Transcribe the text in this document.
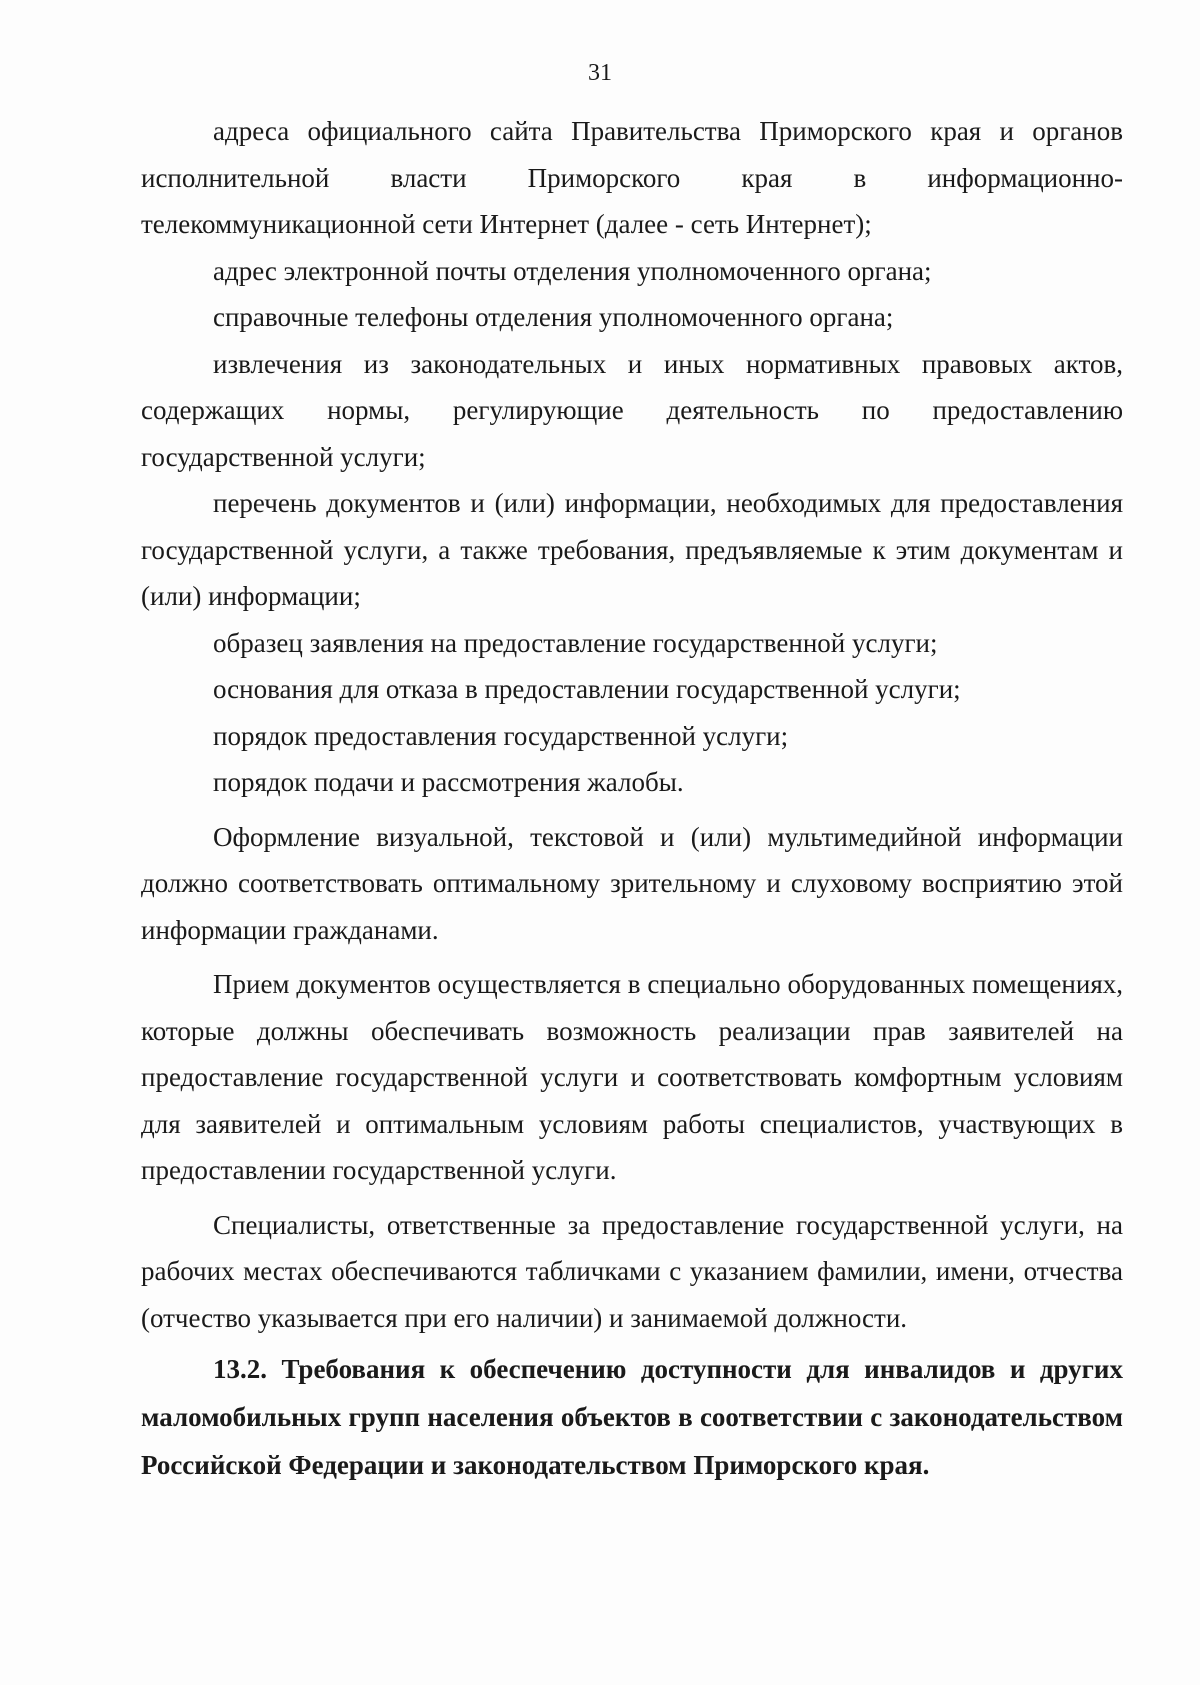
31

адреса официального сайта Правительства Приморского края и органов исполнительной власти Приморского края в информационно-телекоммуникационной сети Интернет (далее - сеть Интернет);

адрес электронной почты отделения уполномоченного органа;

справочные телефоны отделения уполномоченного органа;

извлечения из законодательных и иных нормативных правовых актов, содержащих нормы, регулирующие деятельность по предоставлению государственной услуги;

перечень документов и (или) информации, необходимых для предоставления государственной услуги, а также требования, предъявляемые к этим документам и (или) информации;

образец заявления на предоставление государственной услуги;

основания для отказа в предоставлении государственной услуги;

порядок предоставления государственной услуги;

порядок подачи и рассмотрения жалобы.

Оформление визуальной, текстовой и (или) мультимедийной информации должно соответствовать оптимальному зрительному и слуховому восприятию этой информации гражданами.

Прием документов осуществляется в специально оборудованных помещениях, которые должны обеспечивать возможность реализации прав заявителей на предоставление государственной услуги и соответствовать комфортным условиям для заявителей и оптимальным условиям работы специалистов, участвующих в предоставлении государственной услуги.

Специалисты, ответственные за предоставление государственной услуги, на рабочих местах обеспечиваются табличками с указанием фамилии, имени, отчества (отчество указывается при его наличии) и занимаемой должности.

13.2. Требования к обеспечению доступности для инвалидов и других маломобильных групп населения объектов в соответствии с законодательством Российской Федерации и законодательством Приморского края.
